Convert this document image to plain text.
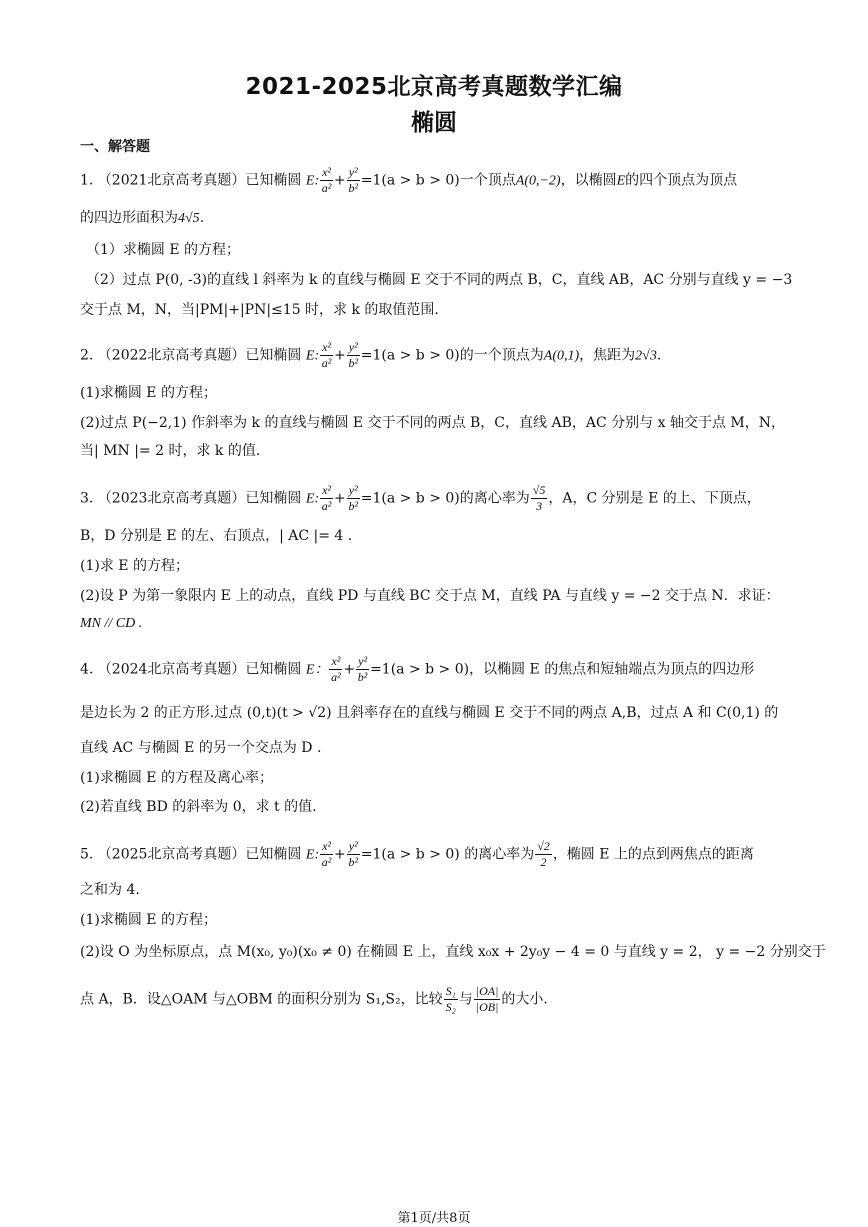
2021-2025北京高考真题数学汇编
椭圆
一、解答题
1. （2021北京高考真题）已知椭圆 E: $\frac{\text{x²}}{\text{a²}} + \frac{\text{y²}}{\text{b²}} =1(a > b > 0)$一个顶点A(0,−2)，以椭圆E的四个顶点为顶点
的四边形面积为4√5.
（1）求椭圆 E 的方程；
（2）过点 P(0, -3)的直线 l 斜率为 k 的直线与椭圆 E 交于不同的两点 B，C，直线 AB，AC 分别与直线 y = −3
交于点 M，N，当|PM|+|PN|≤15 时，求 k 的取值范围.
2. （2022北京高考真题）已知椭圆 E: $\frac{\text{x²}}{\text{a²}} + \frac{\text{y²}}{\text{b²}} =1(a > b > 0)$的一个顶点为A(0,1)，焦距为2√3.
(1)求椭圆 E 的方程；
(2)过点 P(−2,1) 作斜率为 k 的直线与椭圆 E 交于不同的两点 B，C，直线 AB，AC 分别与 x 轴交于点 M，N，
当| MN |= 2 时，求 k 的值.
3. （2023北京高考真题）已知椭圆 E: $\frac{\text{x²}}{\text{a²}} + \frac{\text{y²}}{\text{b²}} =1(a > b > 0)$的离心率为 $\frac{√5}{3}$ ，A，C 分别是 E 的上、下顶点，
B，D 分别是 E 的左、右顶点，| AC |= 4 .
(1)求 E 的方程；
(2)设 P 为第一象限内 E 上的动点，直线 PD 与直线 BC 交于点 M，直线 PA 与直线 y = −2 交于点 N．求证：
MN // CD .
4. （2024北京高考真题）已知椭圆 E： $\frac{\text{x²}}{\text{a²}} + \frac{\text{y²}}{\text{b²}} =1(a > b > 0)$，以椭圆 E 的焦点和短轴端点为顶点的四边形
是边长为 2 的正方形.过点 (0,t)(t > √2) 且斜率存在的直线与椭圆 E 交于不同的两点 A,B，过点 A 和 C(0,1) 的
直线 AC 与椭圆 E 的另一个交点为 D .
(1)求椭圆 E 的方程及离心率；
(2)若直线 BD 的斜率为 0，求 t 的值.
5. （2025北京高考真题）已知椭圆 E: $\frac{\text{x²}}{\text{a²}} + \frac{\text{y²}}{\text{b²}} =1(a > b > 0)$ 的离心率为 $\frac{√2}{2}$ ，椭圆 E 上的点到两焦点的距离
之和为 4.
(1)求椭圆 E 的方程；
(2)设 O 为坐标原点，点 M(x₀, y₀)(x₀ ≠ 0) 在椭圆 E 上，直线 x₀x + 2y₀y − 4 = 0 与直线 y = 2， y = −2 分别交于
点 A，B．设△OAM 与△OBM 的面积分别为 S₁,S₂，比较 $\frac{\text{S₁}}{\text{S₂}}$ 与 $\frac{|OA|}{|OB|}$ 的大小.
第1页/共8页
